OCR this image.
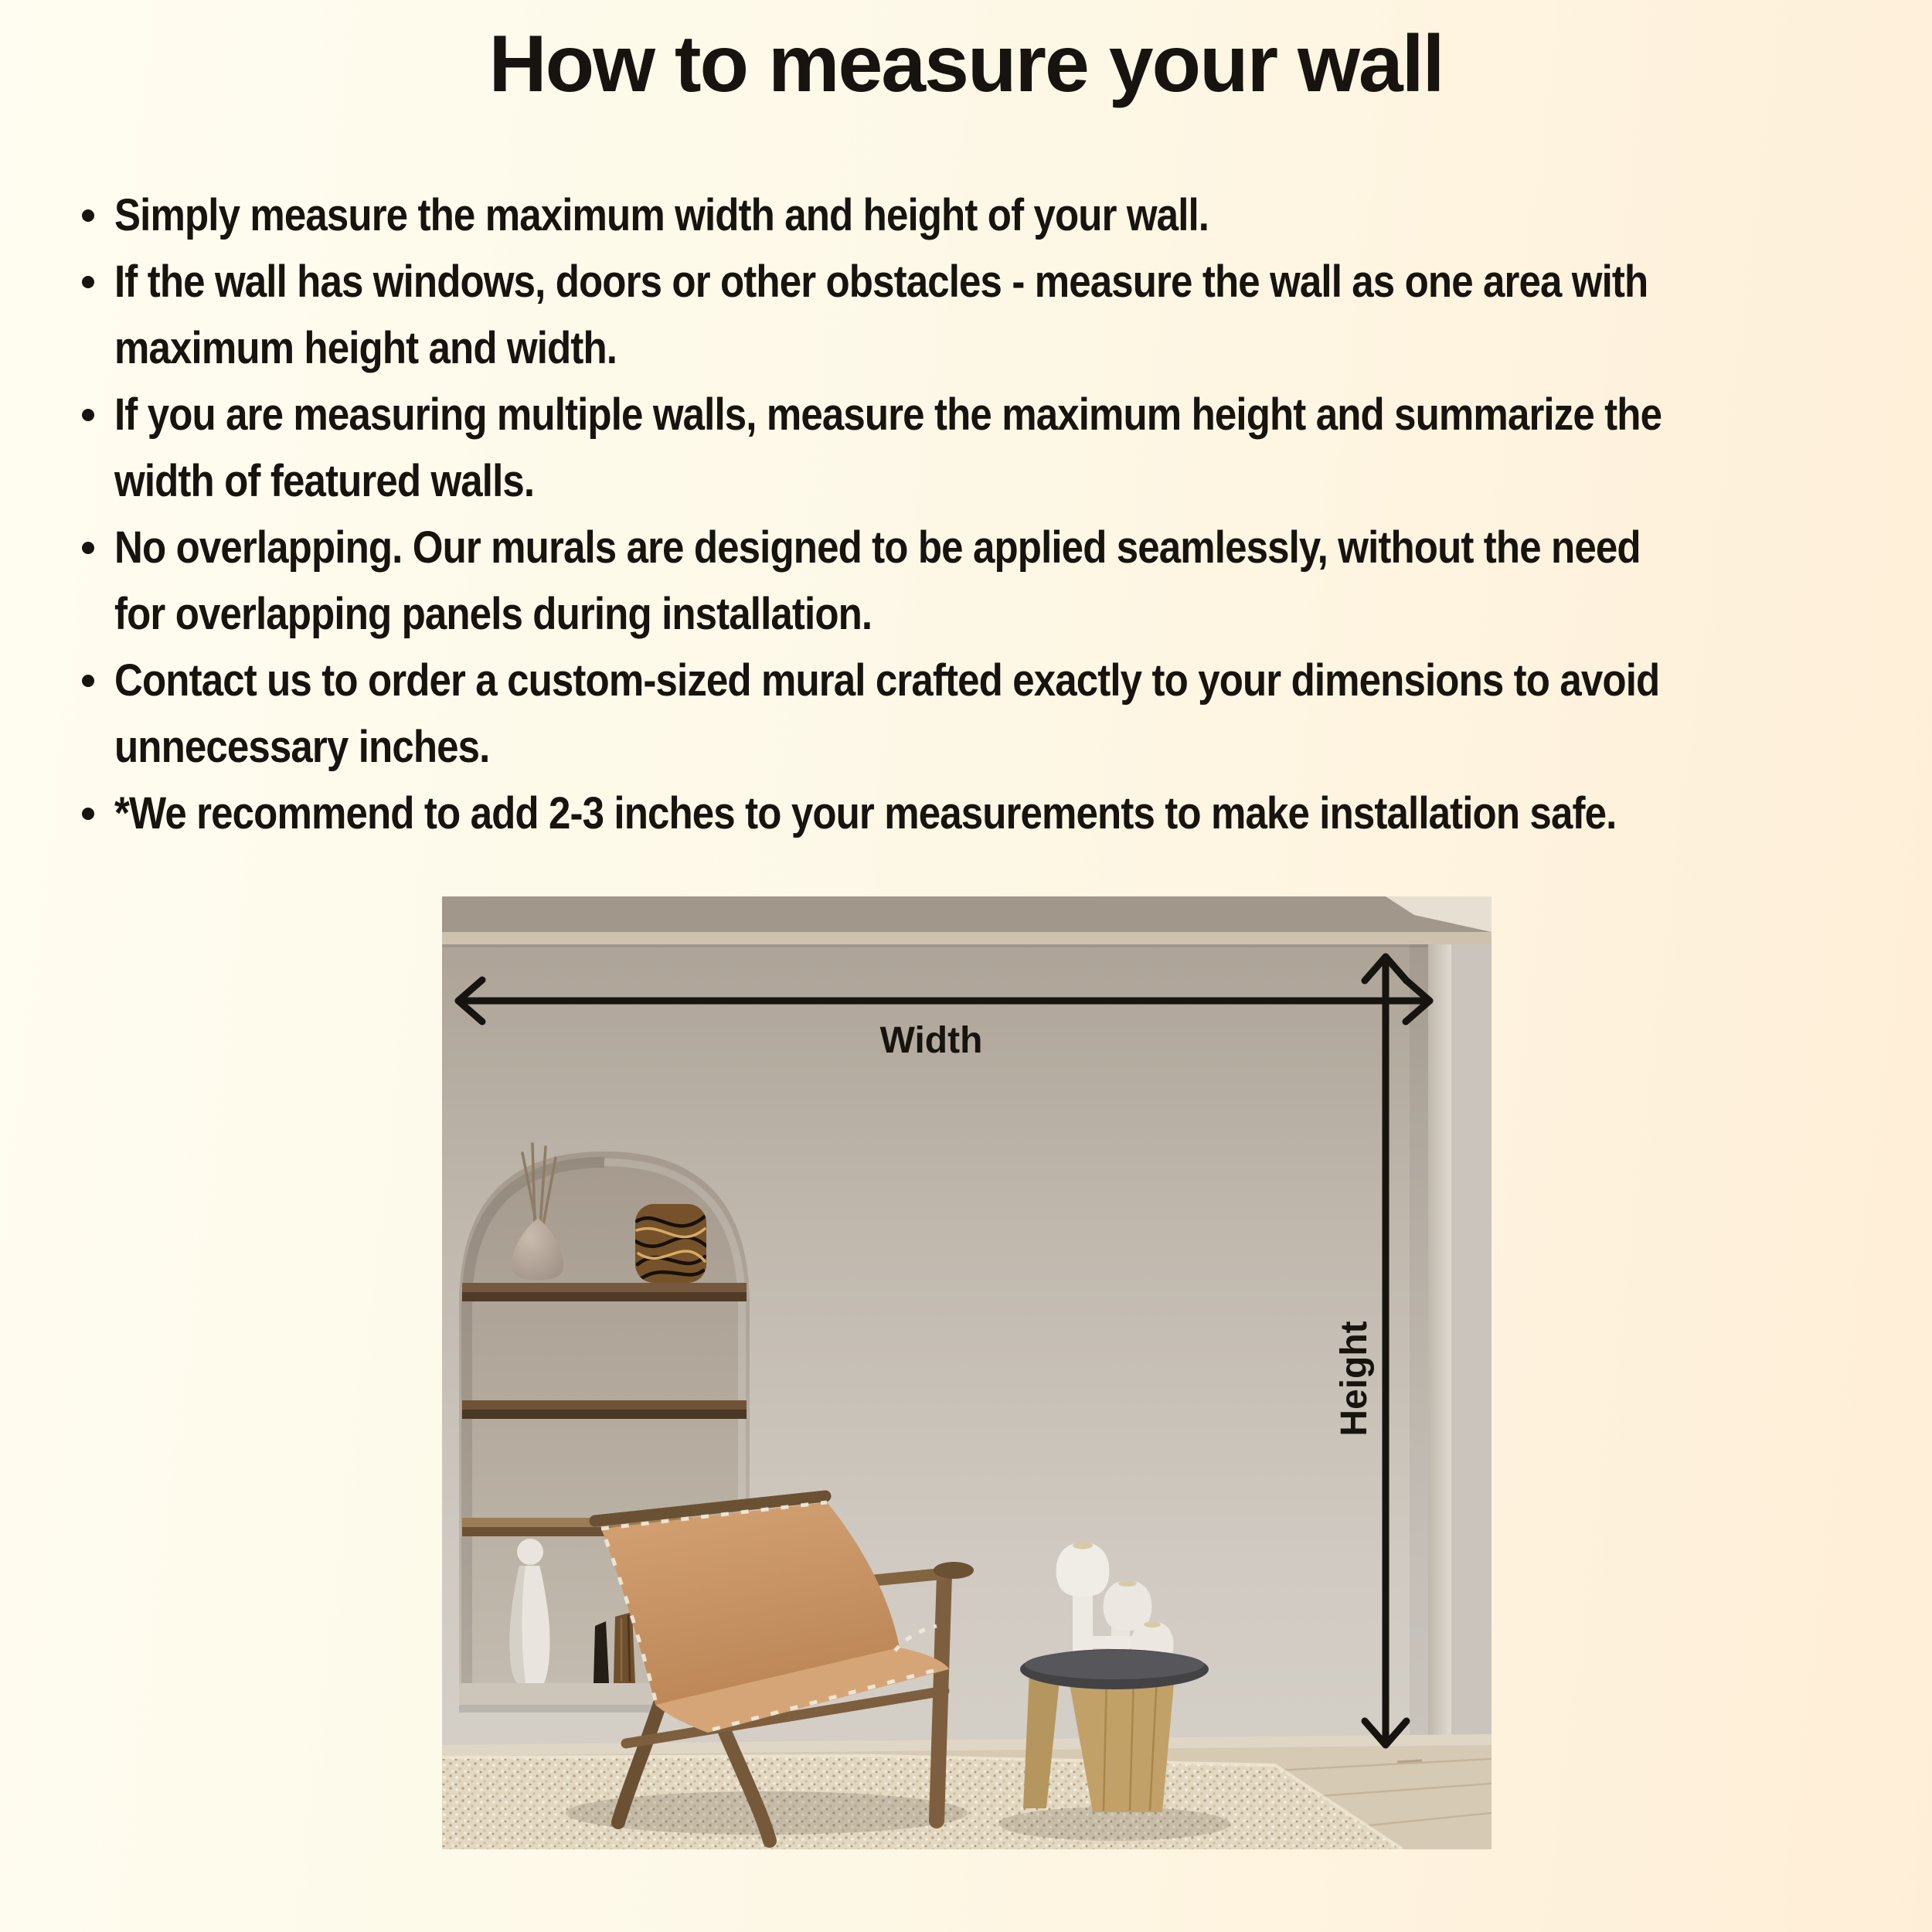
How to measure your wall
Simply measure the maximum width and height of your wall.
If the wall has windows, doors or other obstacles - measure the wall as one area with
maximum height and width.
If you are measuring multiple walls, measure the maximum height and summarize the
width of featured walls.
No overlapping. Our murals are designed to be applied seamlessly, without the need
for overlapping panels during installation.
Contact us to order a custom-sized mural crafted exactly to your dimensions to avoid
unnecessary inches.
*We recommend to add 2-3 inches to your measurements to make installation safe.
Width
Height
